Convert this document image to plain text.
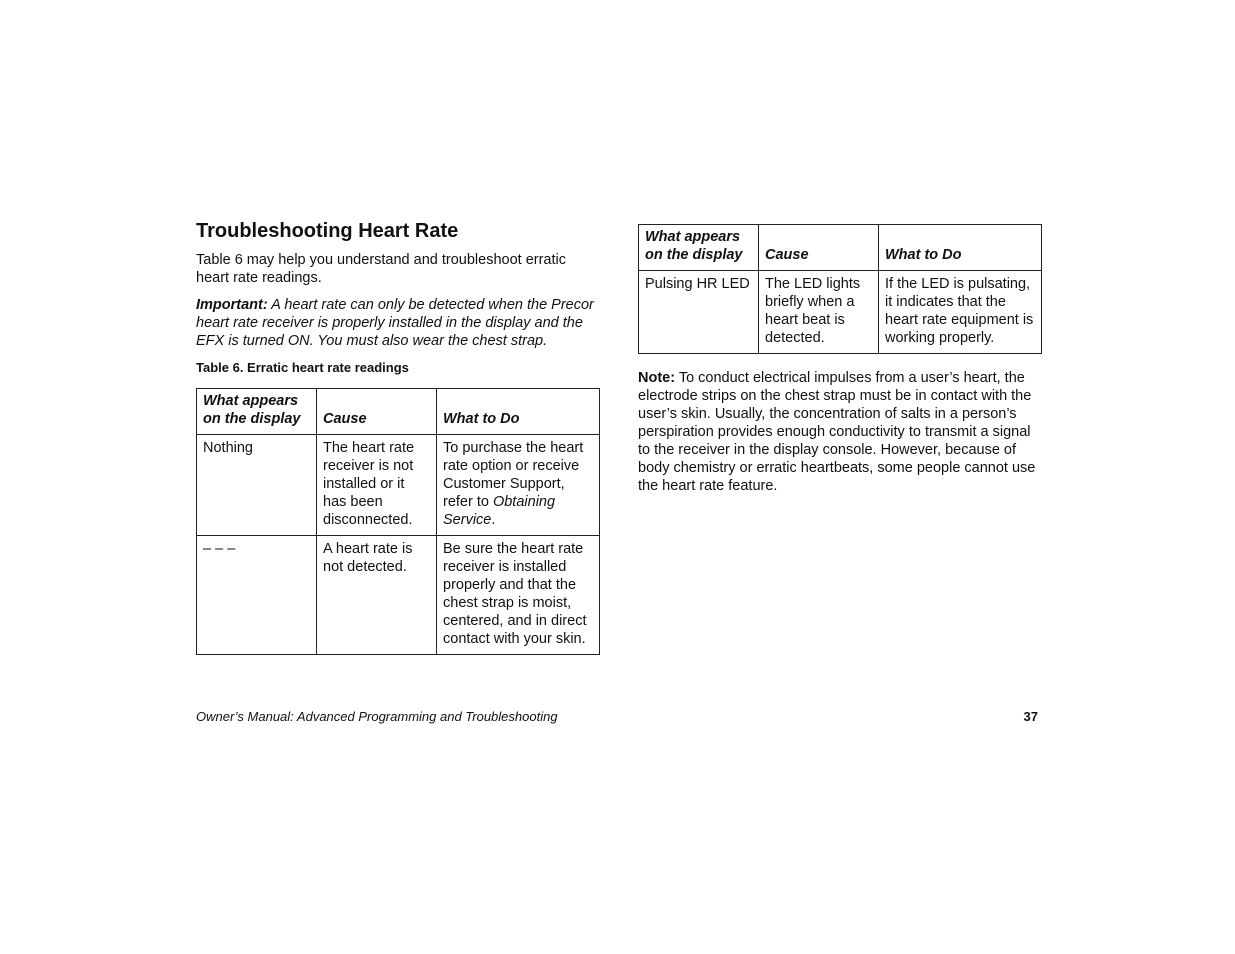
Troubleshooting Heart Rate

Table 6 may help you understand and troubleshoot erratic heart rate readings.

Important: A heart rate can only be detected when the Precor heart rate receiver is properly installed in the display and the EFX is turned ON. You must also wear the chest strap.

Table 6. Erratic heart rate readings
What appears on the display	Cause	What to Do
Nothing	The heart rate receiver is not installed or it has been disconnected.	To purchase the heart rate option or receive Customer Support, refer to Obtaining Service.
– – –	A heart rate is not detected.	Be sure the heart rate receiver is installed properly and that the chest strap is moist, centered, and in direct contact with your skin.
What appears on the display	Cause	What to Do
Pulsing HR LED	The LED lights briefly when a heart beat is detected.	If the LED is pulsating, it indicates that the heart rate equipment is working properly.

Note: To conduct electrical impulses from a user’s heart, the electrode strips on the chest strap must be in contact with the user’s skin. Usually, the concentration of salts in a person’s perspiration provides enough conductivity to transmit a signal to the receiver in the display console. However, because of body chemistry or erratic heartbeats, some people cannot use the heart rate feature.

Owner’s Manual: Advanced Programming and Troubleshooting	37
